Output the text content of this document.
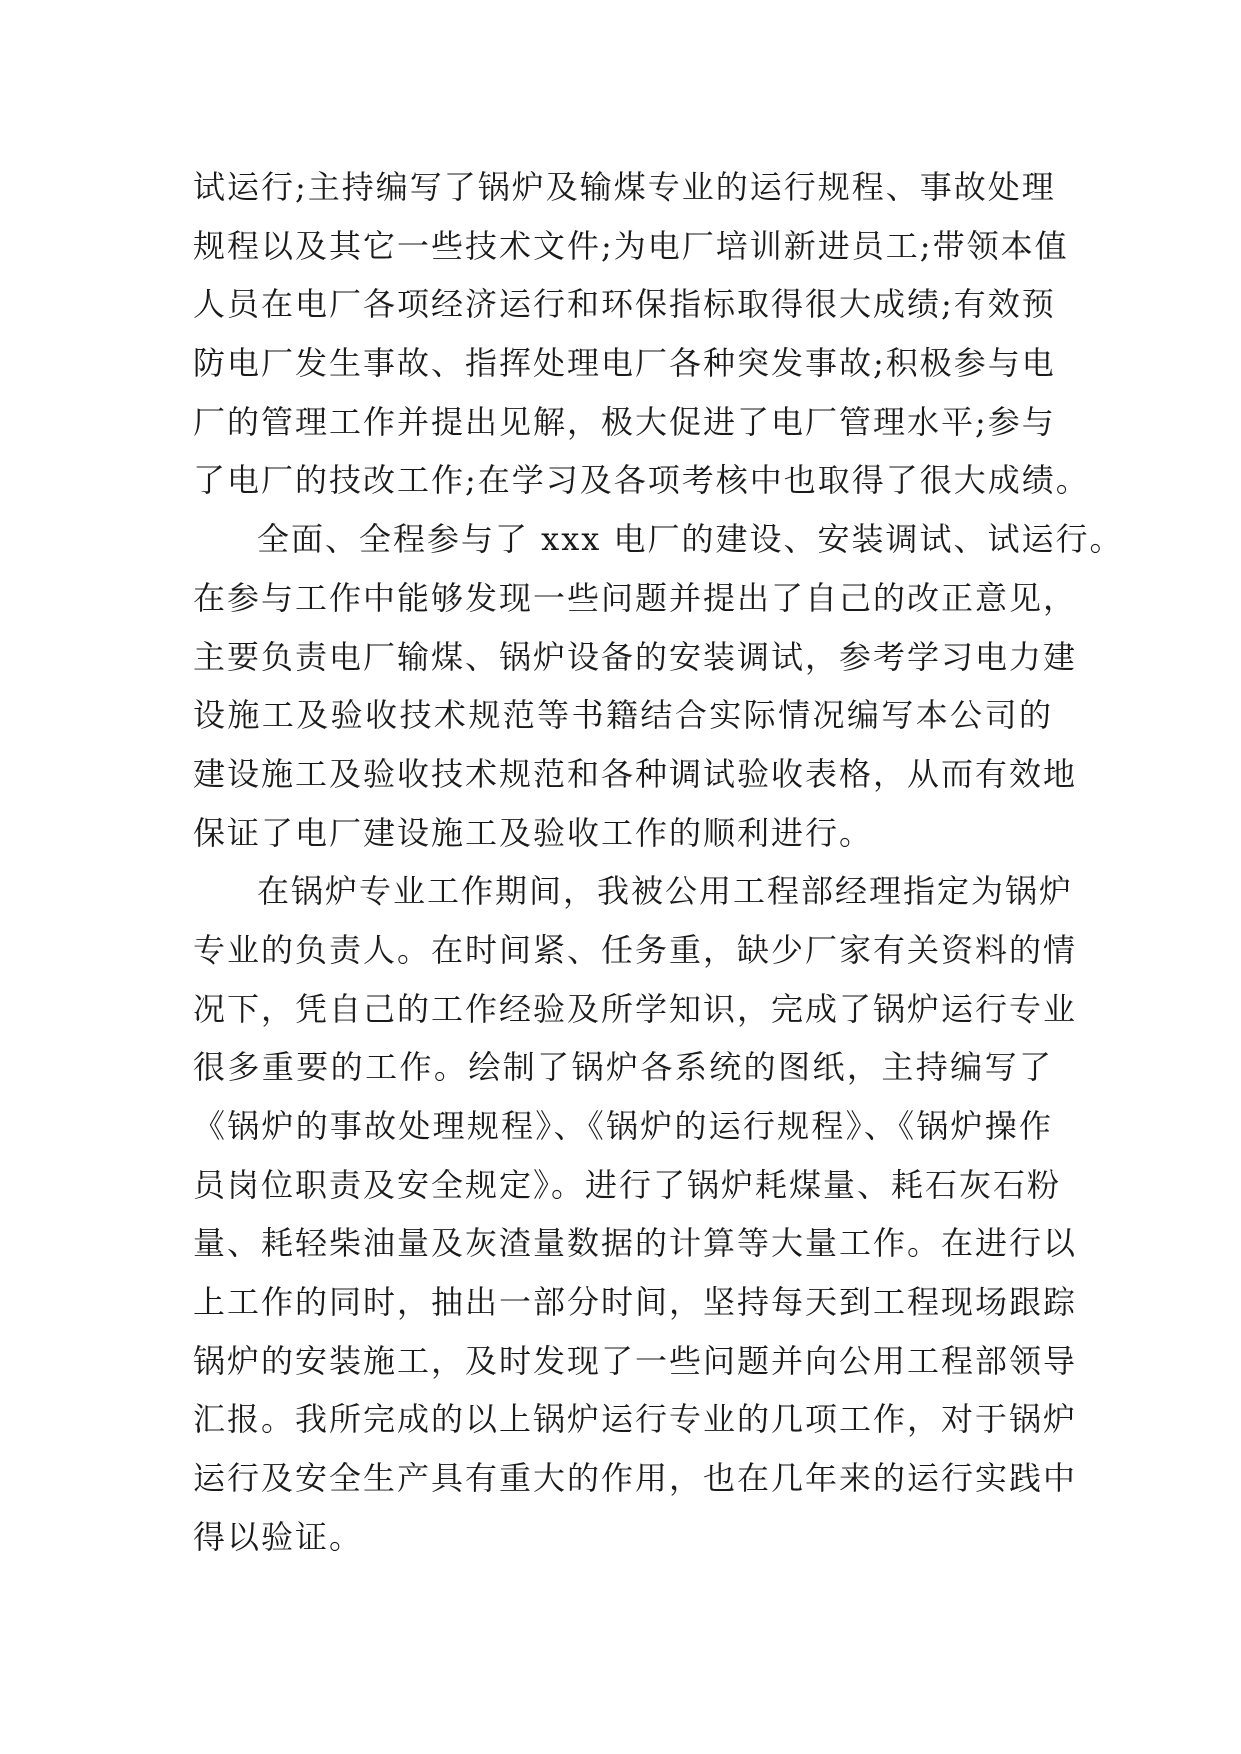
试运行;主持编写了锅炉及输煤专业的运行规程、事故处理
规程以及其它一些技术文件;为电厂培训新进员工;带领本值
人员在电厂各项经济运行和环保指标取得很大成绩;有效预
防电厂发生事故、指挥处理电厂各种突发事故;积极参与电
厂的管理工作并提出见解，极大促进了电厂管理水平;参与
了电厂的技改工作;在学习及各项考核中也取得了很大成绩。
全面、全程参与了 xxx 电厂的建设、安装调试、试运行。
在参与工作中能够发现一些问题并提出了自己的改正意见，
主要负责电厂输煤、锅炉设备的安装调试，参考学习电力建
设施工及验收技术规范等书籍结合实际情况编写本公司的
建设施工及验收技术规范和各种调试验收表格，从而有效地
保证了电厂建设施工及验收工作的顺利进行。
在锅炉专业工作期间，我被公用工程部经理指定为锅炉
专业的负责人。在时间紧、任务重，缺少厂家有关资料的情
况下，凭自己的工作经验及所学知识，完成了锅炉运行专业
很多重要的工作。绘制了锅炉各系统的图纸，主持编写了
《锅炉的事故处理规程》、《锅炉的运行规程》、《锅炉操作
员岗位职责及安全规定》。进行了锅炉耗煤量、耗石灰石粉
量、耗轻柴油量及灰渣量数据的计算等大量工作。在进行以
上工作的同时，抽出一部分时间，坚持每天到工程现场跟踪
锅炉的安装施工，及时发现了一些问题并向公用工程部领导
汇报。我所完成的以上锅炉运行专业的几项工作，对于锅炉
运行及安全生产具有重大的作用，也在几年来的运行实践中
得以验证。
